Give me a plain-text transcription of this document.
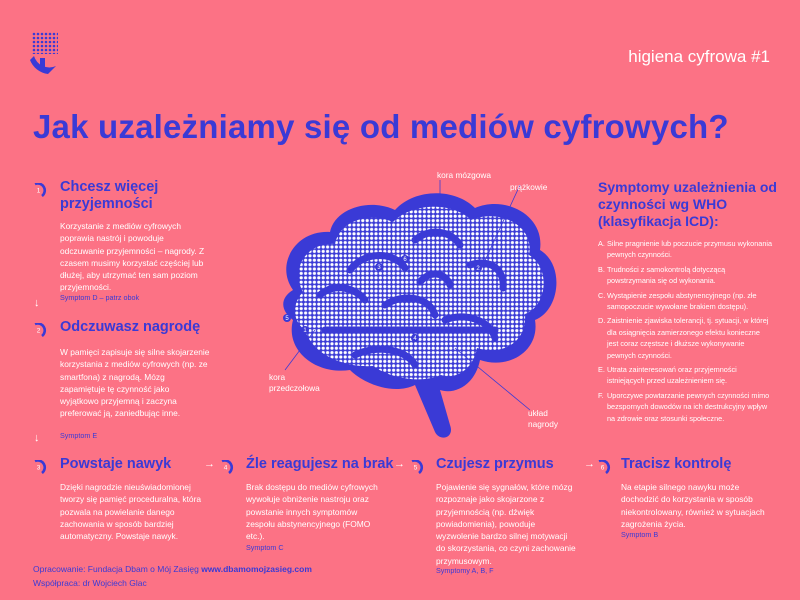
higiena cyfrowa #1
Jak uzależniamy się od mediów cyfrowych?
1 Chcesz więcej przyjemności
Korzystanie z mediów cyfrowych poprawia nastrój i powoduje odczuwanie przyjemności – nagrody. Z czasem musimy korzystać częściej lub dłużej, aby utrzymać ten sam poziom przyjemności.
Symptom D – patrz obok
↓
2 Odczuwasz nagrodę
W pamięci zapisuje się silne skojarzenie korzystania z mediów cyfrowych (np. ze smartfona) z nagrodą. Mózg zapamiętuje tę czynność jako wyjątkowo przyjemną i zaczyna preferować ją, zaniedbując inne.
Symptom E
↓
3 Powstaje nawyk
Dzięki nagrodzie nieuświadomionej tworzy się pamięć proceduralna, która pozwala na powielanie danego zachowania w sposób bardziej automatyczny. Powstaje nawyk.
→ 4 Źle reagujesz na brak
Brak dostępu do mediów cyfrowych wywołuje obniżenie nastroju oraz powstanie innych symptomów zespołu abstynencyjnego (FOMO etc.).
Symptom C
→ 5 Czujesz przymus
Pojawienie się sygnałów, które mózg rozpoznaje jako skojarzone z przyjemnością (np. dźwięk powiadomienia), powoduje wyzwolenie bardzo silnej motywacji do skorzystania, co czyni zachowanie przymusowym.
Symptomy A, B, F
→ 6 Tracisz kontrolę
Na etapie silnego nawyku może dochodzić do korzystania w sposób niekontrolowany, również w sytuacjach zagrożenia życia.
Symptom B
Symptomy uzależnienia od czynności wg WHO (klasyfikacja ICD):
A. Silne pragnienie lub poczucie przymusu wykonania pewnych czynności.
B. Trudności z samokontrolą dotyczącą powstrzymania się od wykonania.
C. Wystąpienie zespołu abstynencyjnego (np. złe samopoczucie wywołane brakiem dostępu).
D. Zaistnienie zjawiska tolerancji, tj. sytuacji, w której dla osiągnięcia zamierzonego efektu konieczne jest coraz częstsze i dłuższe wykonywanie pewnych czynności.
E. Utrata zainteresowań oraz przyjemności istniejących przed uzależnieniem się.
F. Uporczywe powtarzanie pewnych czynności mimo bezspornych dowodów na ich destrukcyjny wpływ na zdrowie oraz stosunki społeczne.
3
6
2
5
1
4
kora mózgowa
prążkowie
kora przedczołowa
układ nagrody
Opracowanie: Fundacja Dbam o Mój Zasięg www.dbamomojzasieg.com
Współpraca: dr Wojciech Glac
